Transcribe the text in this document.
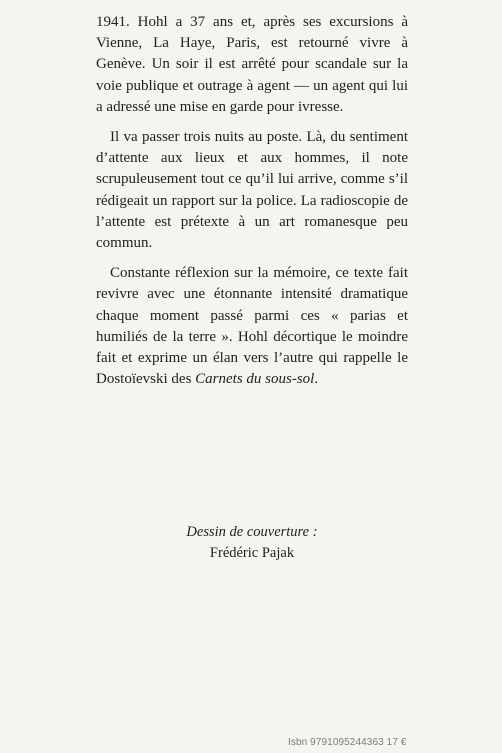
1941. Hohl a 37 ans et, après ses excursions à Vienne, La Haye, Paris, est retourné vivre à Genève. Un soir il est arrêté pour scandale sur la voie publique et outrage à agent — un agent qui lui a adressé une mise en garde pour ivresse.

Il va passer trois nuits au poste. Là, du sentiment d’attente aux lieux et aux hommes, il note scrupuleusement tout ce qu’il lui arrive, comme s’il rédigeait un rapport sur la police. La radioscopie de l’attente est prétexte à un art romanesque peu commun.

Constante réflexion sur la mémoire, ce texte fait revivre avec une étonnante intensité dramatique chaque moment passé parmi ces « parias et humiliés de la terre ». Hohl décortique le moindre fait et exprime un élan vers l’autre qui rappelle le Dostoïevski des Carnets du sous-sol.

Dessin de couverture :
Frédéric Pajak
Isbn 9791095244363 17 €
